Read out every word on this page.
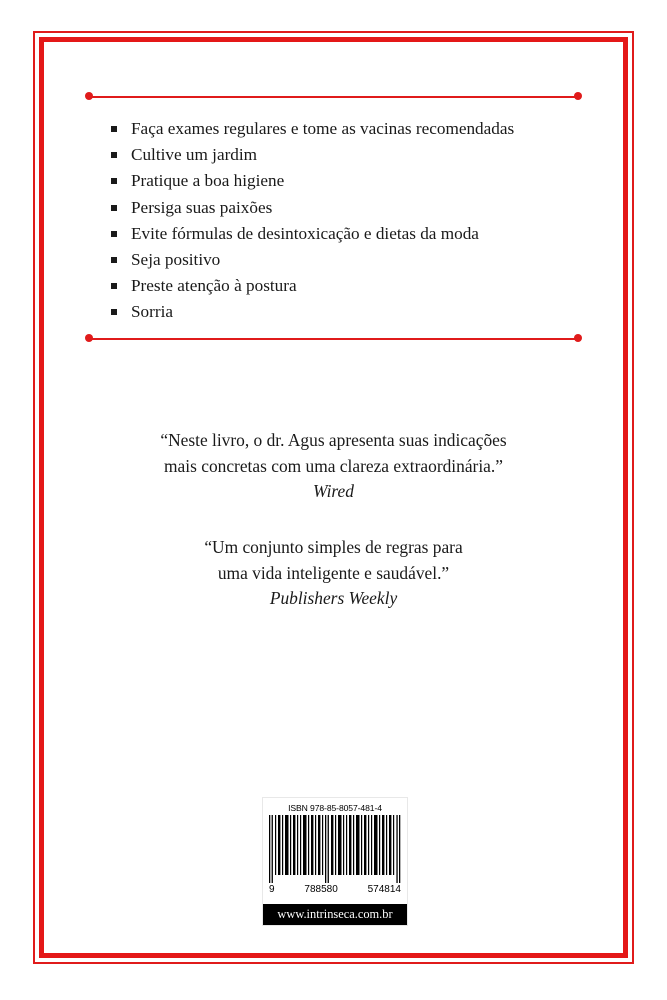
Faça exames regulares e tome as vacinas recomendadas
Cultive um jardim
Pratique a boa higiene
Persiga suas paixões
Evite fórmulas de desintoxicação e dietas da moda
Seja positivo
Preste atenção à postura
Sorria
“Neste livro, o dr. Agus apresenta suas indicações
mais concretas com uma clareza extraordinária.”
Wired
“Um conjunto simples de regras para
uma vida inteligente e saudável.”
Publishers Weekly
ISBN 978-85-8057-481-4
9	788580	574814
www.intrinseca.com.br
